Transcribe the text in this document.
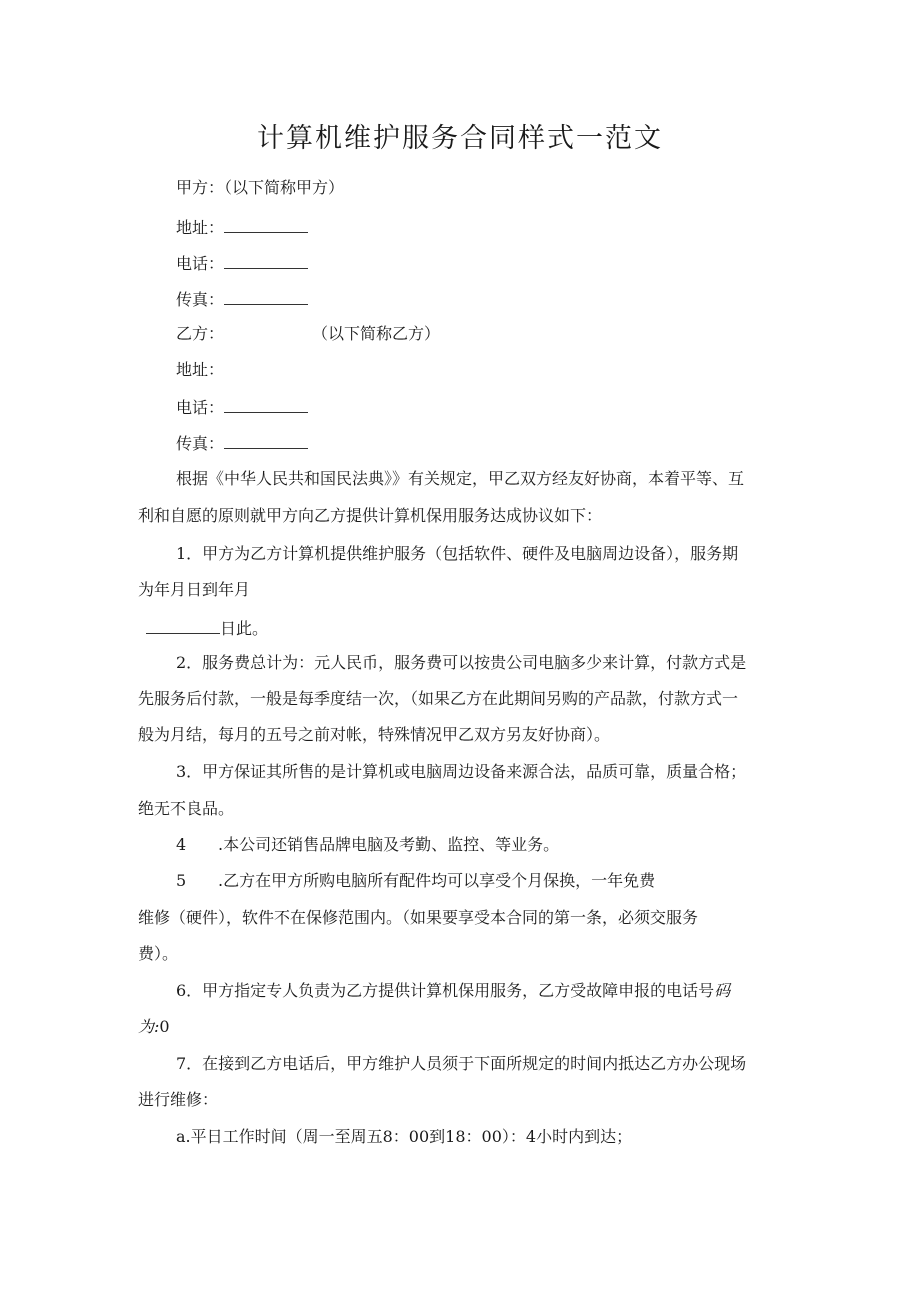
计算机维护服务合同样式一范文
甲方：（以下简称甲方）
地址：
电话：
传真：
乙方：	（以下简称乙方）
地址：
电话：
传真：
根据《中华人民共和国民法典》》有关规定，甲乙双方经友好协商，本着平等、互
利和自愿的原则就甲方向乙方提供计算机保用服务达成协议如下：
1．甲方为乙方计算机提供维护服务（包括软件、硬件及电脑周边设备），服务期
为年月日到年月
日此。
2．服务费总计为：元人民币，服务费可以按贵公司电脑多少来计算，付款方式是
先服务后付款，一般是每季度结一次，（如果乙方在此期间另购的产品款，付款方式一
般为月结，每月的五号之前对帐，特殊情况甲乙双方另友好协商）。
3．甲方保证其所售的是计算机或电脑周边设备来源合法，品质可靠，质量合格；
绝无不良品。
4 .本公司还销售品牌电脑及考勤、监控、等业务。
5 .乙方在甲方所购电脑所有配件均可以享受个月保换，一年免费
维修（硬件），软件不在保修范围内。（如果要享受本合同的第一条，必须交服务
费）。
6．甲方指定专人负责为乙方提供计算机保用服务，乙方受故障申报的电话号码
为:0
7．在接到乙方电话后，甲方维护人员须于下面所规定的时间内抵达乙方办公现场
进行维修：
a.平日工作时间（周一至周五8：00到18：00）：4小时内到达；
